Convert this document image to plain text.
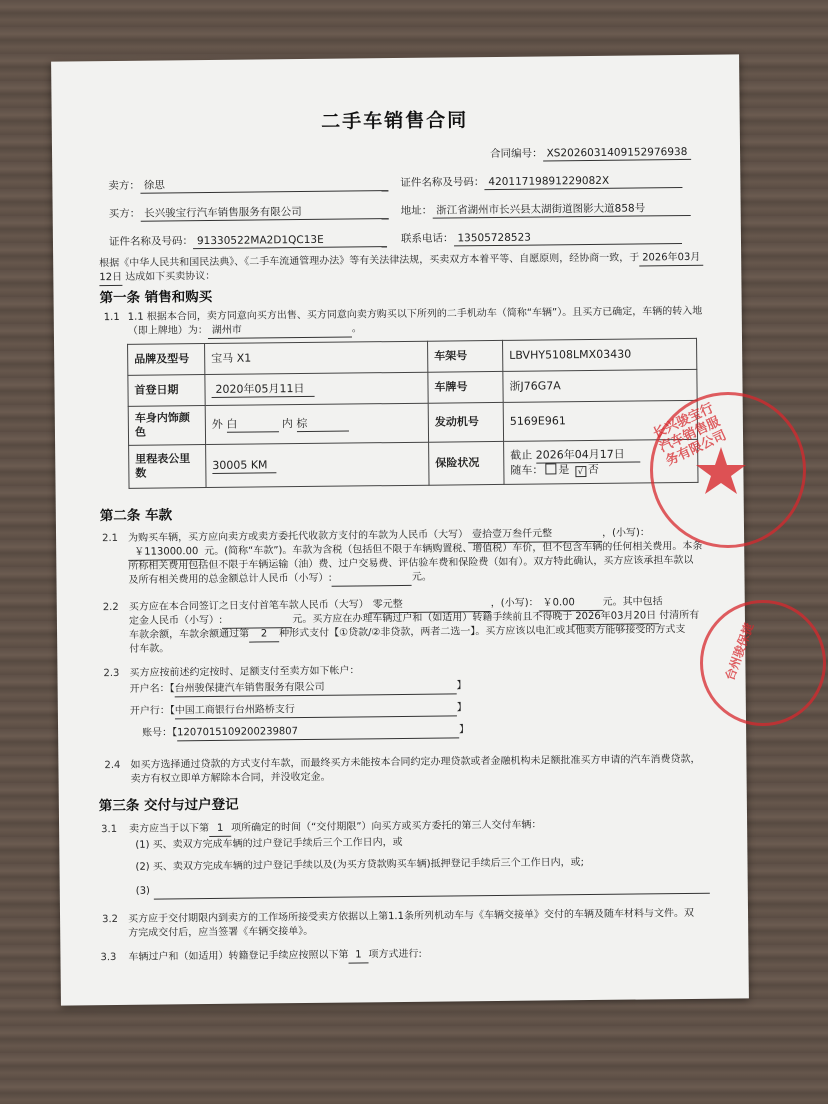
二手车销售合同
合同编号： XS2026031409152976938
卖方： 徐思	证件名称及号码： 42011719891229082X
买方： 长兴骏宝行汽车销售服务有限公司	地址： 浙江省湖州市长兴县太湖街道图影大道858号
证件名称及号码： 91330522MA2D1QC13E	联系电话： 13505728523
根据《中华人民共和国民法典》、《二手车流通管理办法》等有关法律法规，买卖双方本着平等、自愿原则，经协商一致，于 2026年03月
12日 达成如下买卖协议：
第一条 销售和购买
1.1 1.1 根据本合同，卖方同意向买方出售、买方同意向卖方购买以下所列的二手机动车（简称“车辆”）。且买方已确定，车辆的转入地
（即上牌地）为： 湖州市	。
品牌及型号	宝马 X1	车架号	LBVHY5108LMX03430
首登日期	2020年05月11日	车牌号	浙J76G7A
车身内饰颜色	外 白 内 棕	发动机号	5169E961
里程表公里数	30005 KM	保险状况	截止 2026年04月17日
随车： 是 √ 否
第二条 车款
2.1 为购买车辆，买方应向卖方或卖方委托代收款方支付的车款为人民币（大写） 壹拾壹万叁仟元整	，(小写)：
￥113000.00 元。(简称“车款”)。车款为含税（包括但不限于车辆购置税、增值税）车价，但不包含车辆的任何相关费用。本条
所称相关费用包括但不限于车辆运输（油）费、过户交易费、评估验车费和保险费（如有）。双方特此确认，买方应该承担车款以
及所有相关费用的总金额总计人民币（小写）:	元。
2.2 买方应在本合同签订之日支付首笔车款人民币（大写） 零元整	，(小写)： ￥0.00	元。其中包括
定金人民币（小写）:	元。买方应在办理车辆过户和（如适用）转籍手续前且不得晚于 2026年03月20日 付清所有
车款余额，车款余额通过第 2 种形式支付【①贷款/②非贷款，两者二选一】。买方应该以电汇或其他卖方能够接受的方式支
付车款。
2.3 买方应按前述约定按时、足额支付至卖方如下帐户：
开户名：【台州骏保捷汽车销售服务有限公司	】
开户行：【中国工商银行台州路桥支行	】
账号：【1207015109200239807	】
2.4 如买方选择通过贷款的方式支付车款，而最终买方未能按本合同约定办理贷款或者金融机构未足额批准买方申请的汽车消费贷款，
卖方有权立即单方解除本合同，并没收定金。
第三条 交付与过户登记
3.1 卖方应当于以下第 1 项所确定的时间（“交付期限”）向买方或买方委托的第三人交付车辆：
(1) 买、卖双方完成车辆的过户登记手续后三个工作日内，或
(2) 买、卖双方完成车辆的过户登记手续以及(为买方贷款购买车辆)抵押登记手续后三个工作日内，或;
(3)
3.2 买方应于交付期限内到卖方的工作场所接受卖方依据以上第1.1条所列机动车与《车辆交接单》交付的车辆及随车材料与文件。双
方完成交付后，应当签署《车辆交接单》。
3.3 车辆过户和（如适用）转籍登记手续应按照以下第 1 项方式进行:
长兴骏宝行汽车销售服务有限公司
台州骏保捷
